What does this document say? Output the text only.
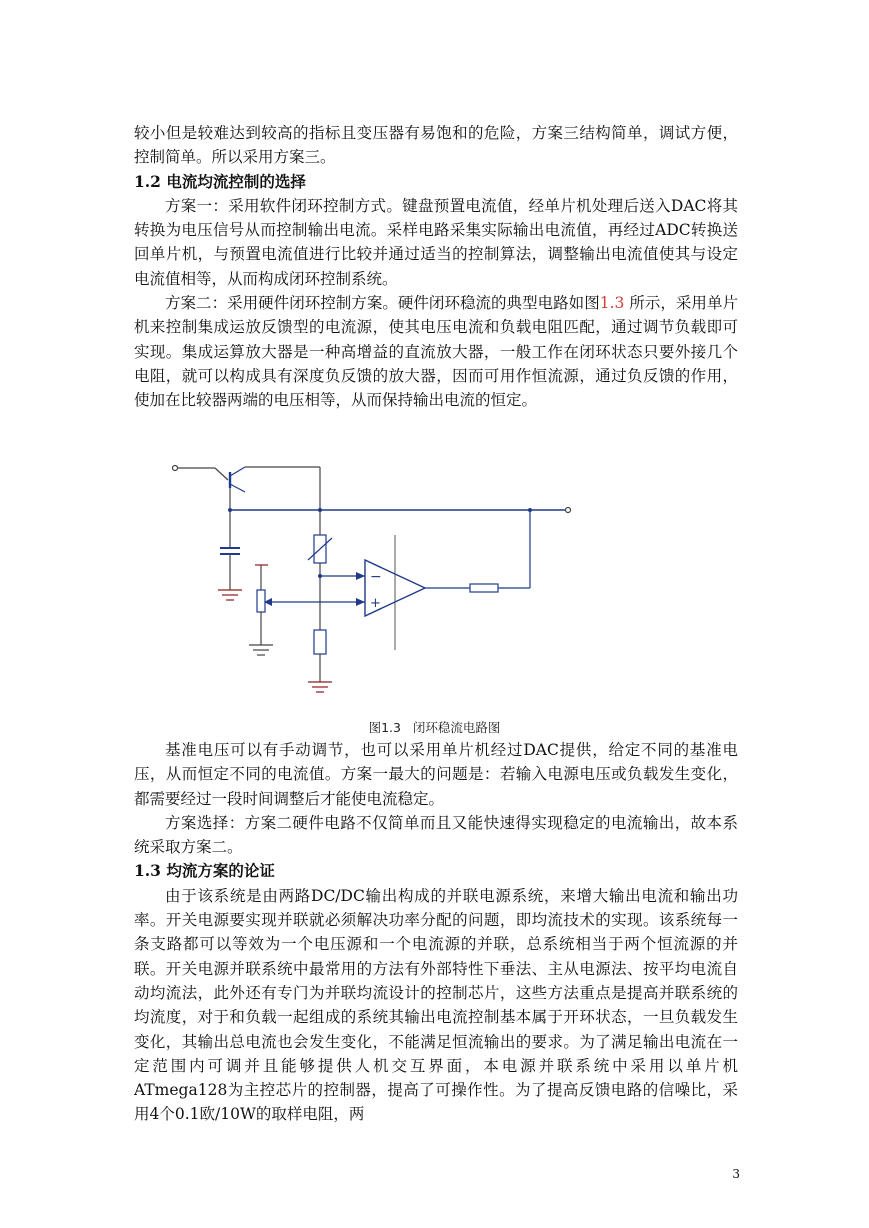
较小但是较难达到较高的指标且变压器有易饱和的危险，方案三结构简单，调试方便，控制简单。所以采用方案三。

1.2 电流均流控制的选择

方案一：采用软件闭环控制方式。键盘预置电流值，经单片机处理后送入DAC将其转换为电压信号从而控制输出电流。采样电路采集实际输出电流值，再经过ADC转换送回单片机，与预置电流值进行比较并通过适当的控制算法，调整输出电流值使其与设定电流值相等，从而构成闭环控制系统。

方案二：采用硬件闭环控制方案。硬件闭环稳流的典型电路如图1.3 所示，采用单片机来控制集成运放反馈型的电流源，使其电压电流和负载电阻匹配，通过调节负载即可实现。集成运算放大器是一种高增益的直流放大器，一般工作在闭环状态只要外接几个电阻，就可以构成具有深度负反馈的放大器，因而可用作恒流源，通过负反馈的作用，使加在比较器两端的电压相等，从而保持输出电流的恒定。

−
+
图1.3 闭环稳流电路图

基准电压可以有手动调节，也可以采用单片机经过DAC提供，给定不同的基准电压，从而恒定不同的电流值。方案一最大的问题是：若输入电源电压或负载发生变化，都需要经过一段时间调整后才能使电流稳定。

方案选择：方案二硬件电路不仅简单而且又能快速得实现稳定的电流输出，故本系统采取方案二。

1.3 均流方案的论证

由于该系统是由两路DC/DC输出构成的并联电源系统，来增大输出电流和输出功率。开关电源要实现并联就必须解决功率分配的问题，即均流技术的实现。该系统每一条支路都可以等效为一个电压源和一个电流源的并联，总系统相当于两个恒流源的并联。开关电源并联系统中最常用的方法有外部特性下垂法、主从电源法、按平均电流自动均流法，此外还有专门为并联均流设计的控制芯片，这些方法重点是提高并联系统的均流度，对于和负载一起组成的系统其输出电流控制基本属于开环状态，一旦负载发生变化，其输出总电流也会发生变化，不能满足恒流输出的要求。为了满足输出电流在一定范围内可调并且能够提供人机交互界面，本电源并联系统中采用以单片机ATmega128为主控芯片的控制器，提高了可操作性。为了提高反馈电路的信噪比，采用4个0.1欧/10W的取样电阻，两

3
